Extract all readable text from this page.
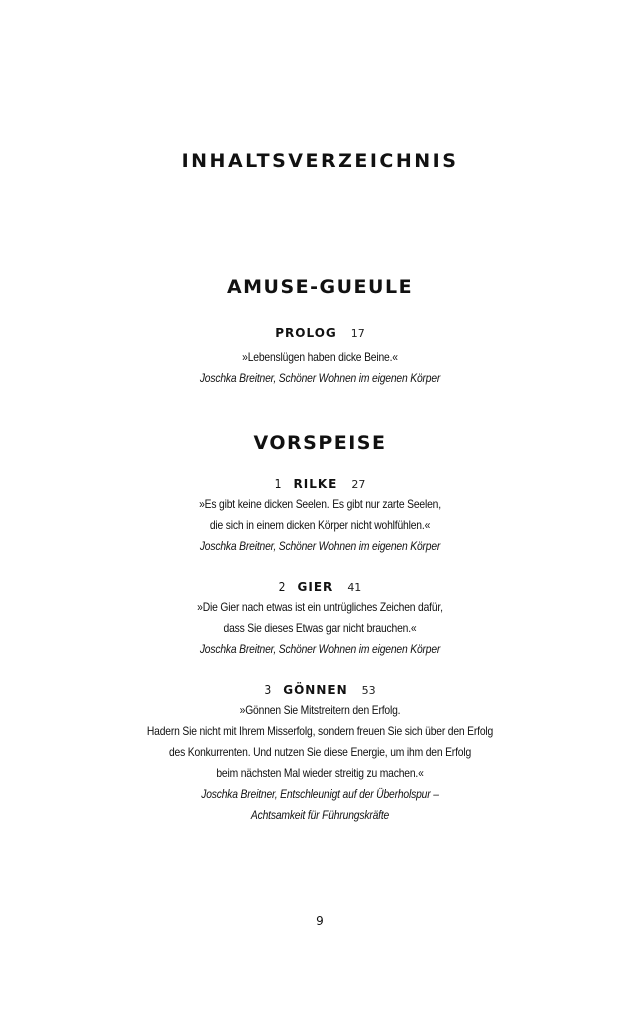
INHALTSVERZEICHNIS
AMUSE-GUEULE
PROLOG 17
»Lebenslügen haben dicke Beine.«
Joschka Breitner, Schöner Wohnen im eigenen Körper
VORSPEISE
1 RILKE 27
»Es gibt keine dicken Seelen. Es gibt nur zarte Seelen,
die sich in einem dicken Körper nicht wohlfühlen.«
Joschka Breitner, Schöner Wohnen im eigenen Körper
2 GIER 41
»Die Gier nach etwas ist ein untrügliches Zeichen dafür,
dass Sie dieses Etwas gar nicht brauchen.«
Joschka Breitner, Schöner Wohnen im eigenen Körper
3 GÖNNEN 53
»Gönnen Sie Mitstreitern den Erfolg.
Hadern Sie nicht mit Ihrem Misserfolg, sondern freuen Sie sich über den Erfolg
des Konkurrenten. Und nutzen Sie diese Energie, um ihm den Erfolg
beim nächsten Mal wieder streitig zu machen.«
Joschka Breitner, Entschleunigt auf der Überholspur –
Achtsamkeit für Führungskräfte
9
